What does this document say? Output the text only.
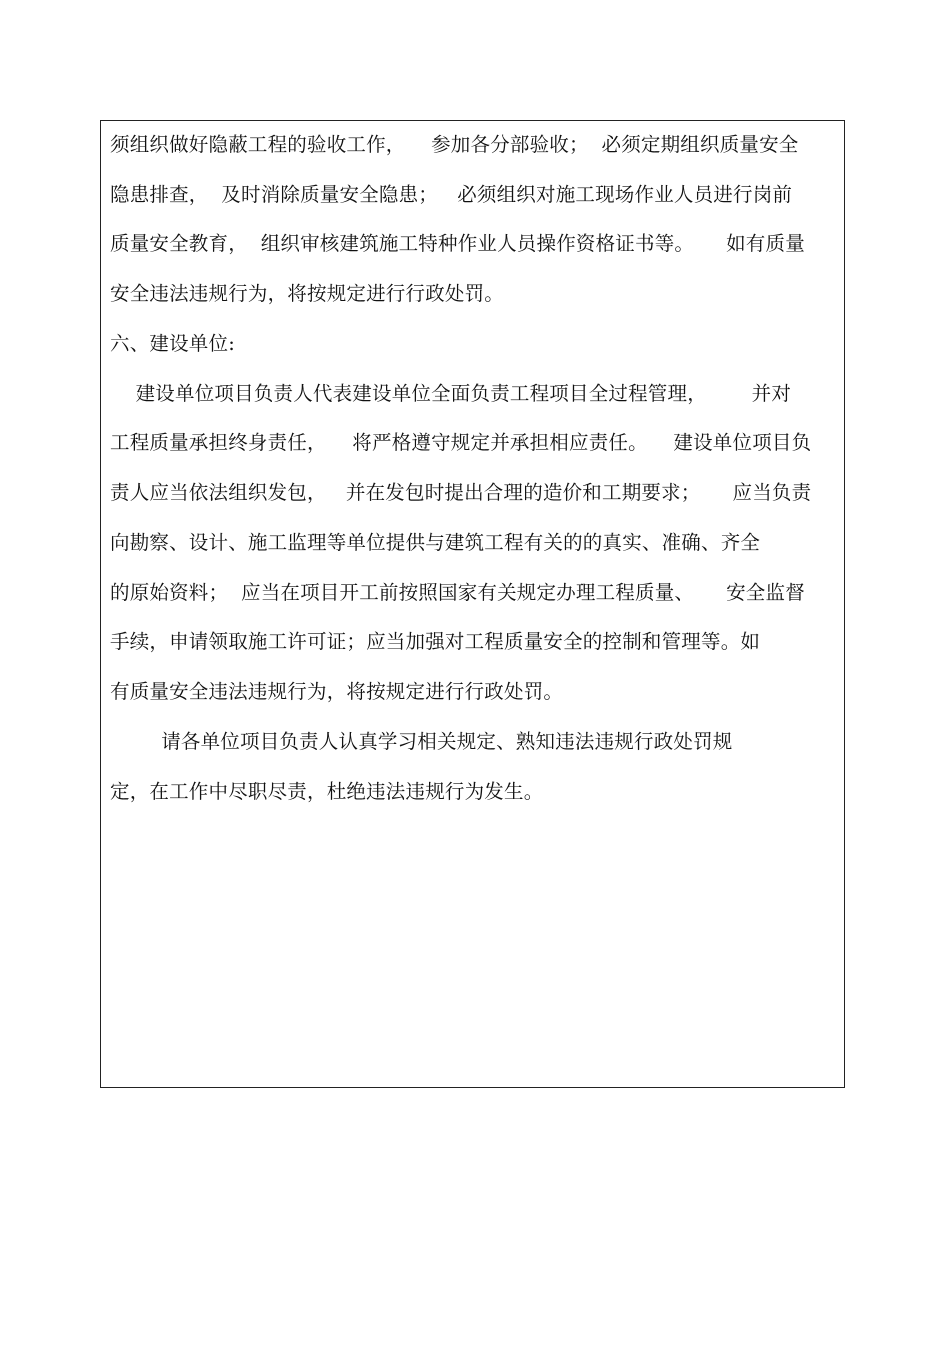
须组织做好隐蔽工程的验收工作，    参加各分部验收；  必须定期组织质量安全
隐患排查，  及时消除质量安全隐患；   必须组织对施工现场作业人员进行岗前
质量安全教育，  组织审核建筑施工特种作业人员操作资格证书等。     如有质量
安全违法违规行为，将按规定进行行政处罚。
六、建设单位:
建设单位项目负责人代表建设单位全面负责工程项目全过程管理，       并对
工程质量承担终身责任，    将严格遵守规定并承担相应责任。    建设单位项目负
责人应当依法组织发包，   并在发包时提出合理的造价和工期要求；     应当负责
向勘察、设计、施工监理等单位提供与建筑工程有关的的真实、准确、齐全
的原始资料；  应当在项目开工前按照国家有关规定办理工程质量、     安全监督
手续，申请领取施工许可证；应当加强对工程质量安全的控制和管理等。如
有质量安全违法违规行为，将按规定进行行政处罚。
请各单位项目负责人认真学习相关规定、熟知违法违规行政处罚规
定，在工作中尽职尽责，杜绝违法违规行为发生。
